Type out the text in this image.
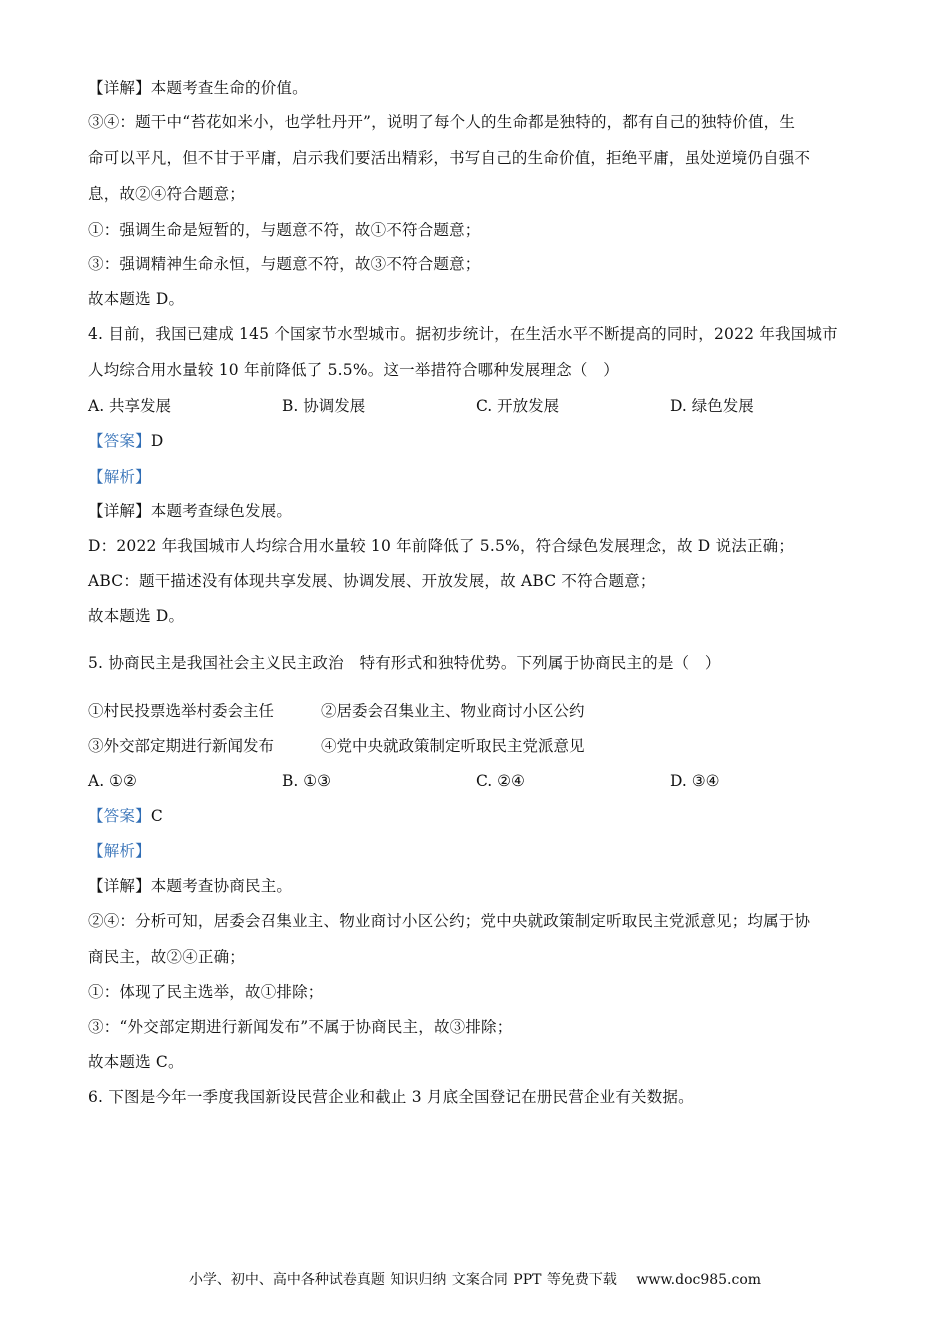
【详解】本题考查生命的价值。
③④：题干中“苔花如米小，也学牡丹开”，说明了每个人的生命都是独特的，都有自己的独特价值，生
命可以平凡，但不甘于平庸，启示我们要活出精彩，书写自己的生命价值，拒绝平庸，虽处逆境仍自强不
息，故②④符合题意；
①：强调生命是短暂的，与题意不符，故①不符合题意；
③：强调精神生命永恒，与题意不符，故③不符合题意；
故本题选 D。
4. 目前，我国已建成 145 个国家节水型城市。据初步统计，在生活水平不断提高的同时，2022 年我国城市
人均综合用水量较 10 年前降低了 5.5%。这一举措符合哪种发展理念（　）
A. 共享发展	B. 协调发展	C. 开放发展	D. 绿色发展
【答案】D
【解析】
【详解】本题考查绿色发展。
D：2022 年我国城市人均综合用水量较 10 年前降低了 5.5%，符合绿色发展理念，故 D 说法正确；
ABC：题干描述没有体现共享发展、协调发展、开放发展，故 ABC 不符合题意；
故本题选 D。
5. 协商民主是我国社会主义民主政治　特有形式和独特优势。下列属于协商民主的是（　）
①村民投票选举村委会主任	②居委会召集业主、物业商讨小区公约
③外交部定期进行新闻发布	④党中央就政策制定听取民主党派意见
A. ①②	B. ①③	C. ②④	D. ③④
【答案】C
【解析】
【详解】本题考查协商民主。
②④：分析可知，居委会召集业主、物业商讨小区公约；党中央就政策制定听取民主党派意见；均属于协
商民主，故②④正确；
①：体现了民主选举，故①排除；
③：“外交部定期进行新闻发布”不属于协商民主，故③排除；
故本题选 C。
6. 下图是今年一季度我国新设民营企业和截止 3 月底全国登记在册民营企业有关数据。
小学、初中、高中各种试卷真题 知识归纳 文案合同 PPT 等免费下载　 www.doc985.com
